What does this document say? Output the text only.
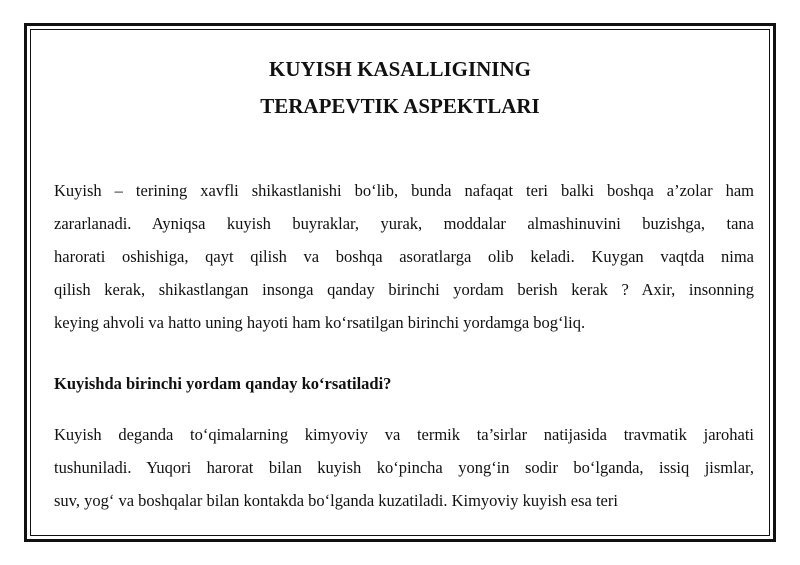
KUYISH KASALLIGINING
TERAPEVTIK ASPEKTLARI
Kuyish – terining xavfli shikastlanishi bo‘lib, bunda nafaqat teri balki boshqa a’zolar ham
zararlanadi. Ayniqsa kuyish buyraklar, yurak, moddalar almashinuvini buzishga, tana
harorati oshishiga, qayt qilish va boshqa asoratlarga olib keladi. Kuygan vaqtda nima
qilish kerak, shikastlangan insonga qanday birinchi yordam berish kerak ? Axir, insonning
keying ahvoli va hatto uning hayoti ham ko‘rsatilgan birinchi yordamga bog‘liq.
Kuyishda birinchi yordam qanday ko‘rsatiladi?
Kuyish deganda to‘qimalarning kimyoviy va termik ta’sirlar natijasida travmatik jarohati
tushuniladi. Yuqori harorat bilan kuyish ko‘pincha yong‘in sodir bo‘lganda, issiq jismlar,
suv, yog‘ va boshqalar bilan kontakda bo‘lganda kuzatiladi. Kimyoviy kuyish esa teri
